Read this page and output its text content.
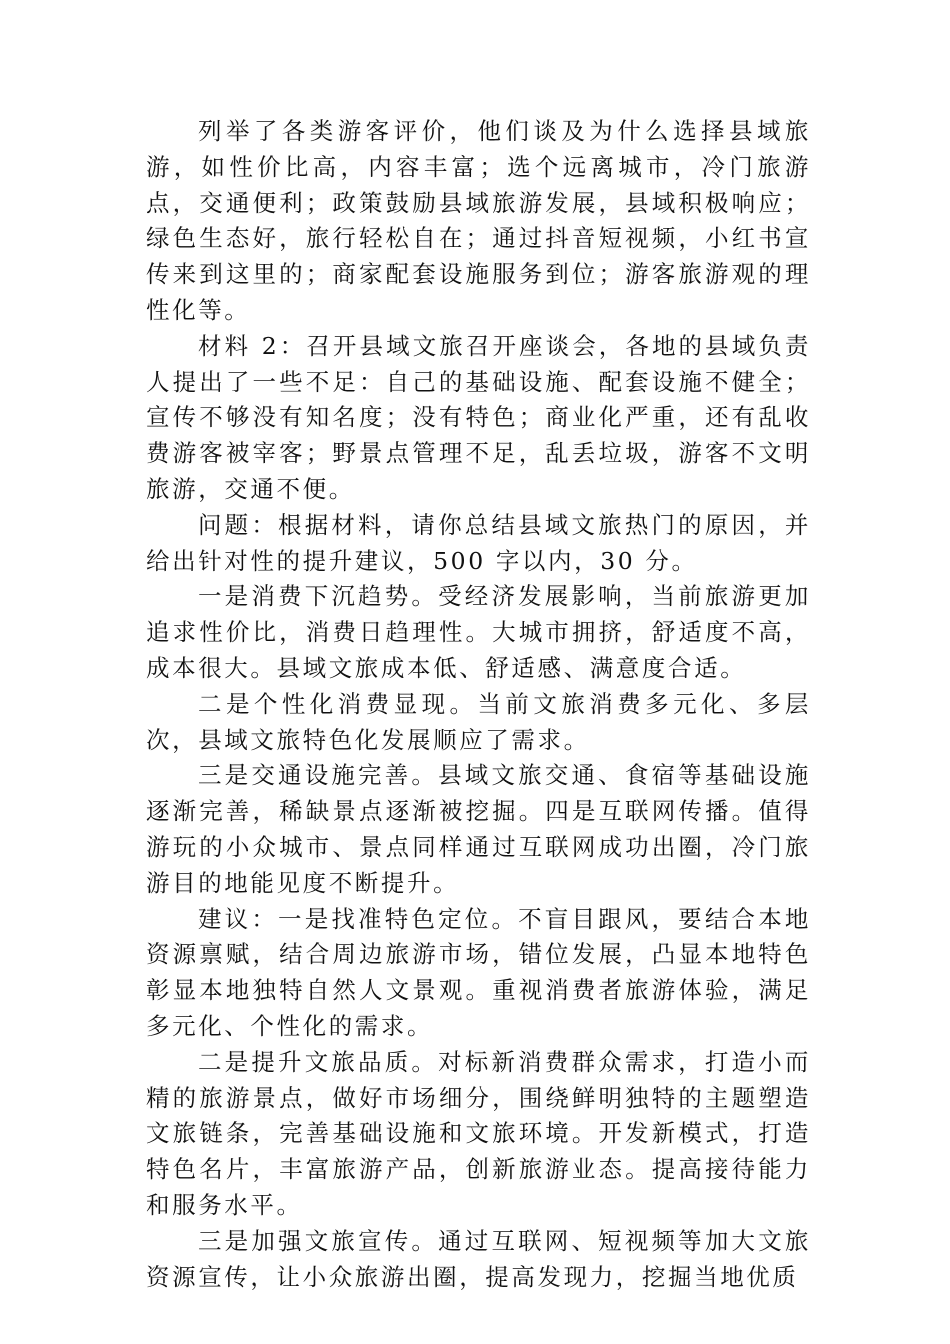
列举了各类游客评价，他们谈及为什么选择县域旅游，如性价比高，内容丰富；选个远离城市，冷门旅游点，交通便利；政策鼓励县域旅游发展，县域积极响应；绿色生态好，旅行轻松自在；通过抖音短视频，小红书宣传来到这里的；商家配套设施服务到位；游客旅游观的理性化等。

材料 2：召开县域文旅召开座谈会，各地的县域负责人提出了一些不足：自己的基础设施、配套设施不健全；宣传不够没有知名度；没有特色；商业化严重，还有乱收费游客被宰客；野景点管理不足，乱丢垃圾，游客不文明旅游，交通不便。

问题：根据材料，请你总结县域文旅热门的原因，并给出针对性的提升建议，500 字以内，30 分。

一是消费下沉趋势。受经济发展影响，当前旅游更加追求性价比，消费日趋理性。大城市拥挤，舒适度不高，成本很大。县域文旅成本低、舒适感、满意度合适。

二是个性化消费显现。当前文旅消费多元化、多层次，县域文旅特色化发展顺应了需求。

三是交通设施完善。县域文旅交通、食宿等基础设施逐渐完善，稀缺景点逐渐被挖掘。四是互联网传播。值得游玩的小众城市、景点同样通过互联网成功出圈，冷门旅游目的地能见度不断提升。

建议：一是找准特色定位。不盲目跟风，要结合本地资源禀赋，结合周边旅游市场，错位发展，凸显本地特色彰显本地独特自然人文景观。重视消费者旅游体验，满足多元化、个性化的需求。

二是提升文旅品质。对标新消费群众需求，打造小而精的旅游景点，做好市场细分，围绕鲜明独特的主题塑造文旅链条，完善基础设施和文旅环境。开发新模式，打造特色名片，丰富旅游产品，创新旅游业态。提高接待能力和服务水平。

三是加强文旅宣传。通过互联网、短视频等加大文旅资源宣传，让小众旅游出圈，提高发现力，挖掘当地优质
